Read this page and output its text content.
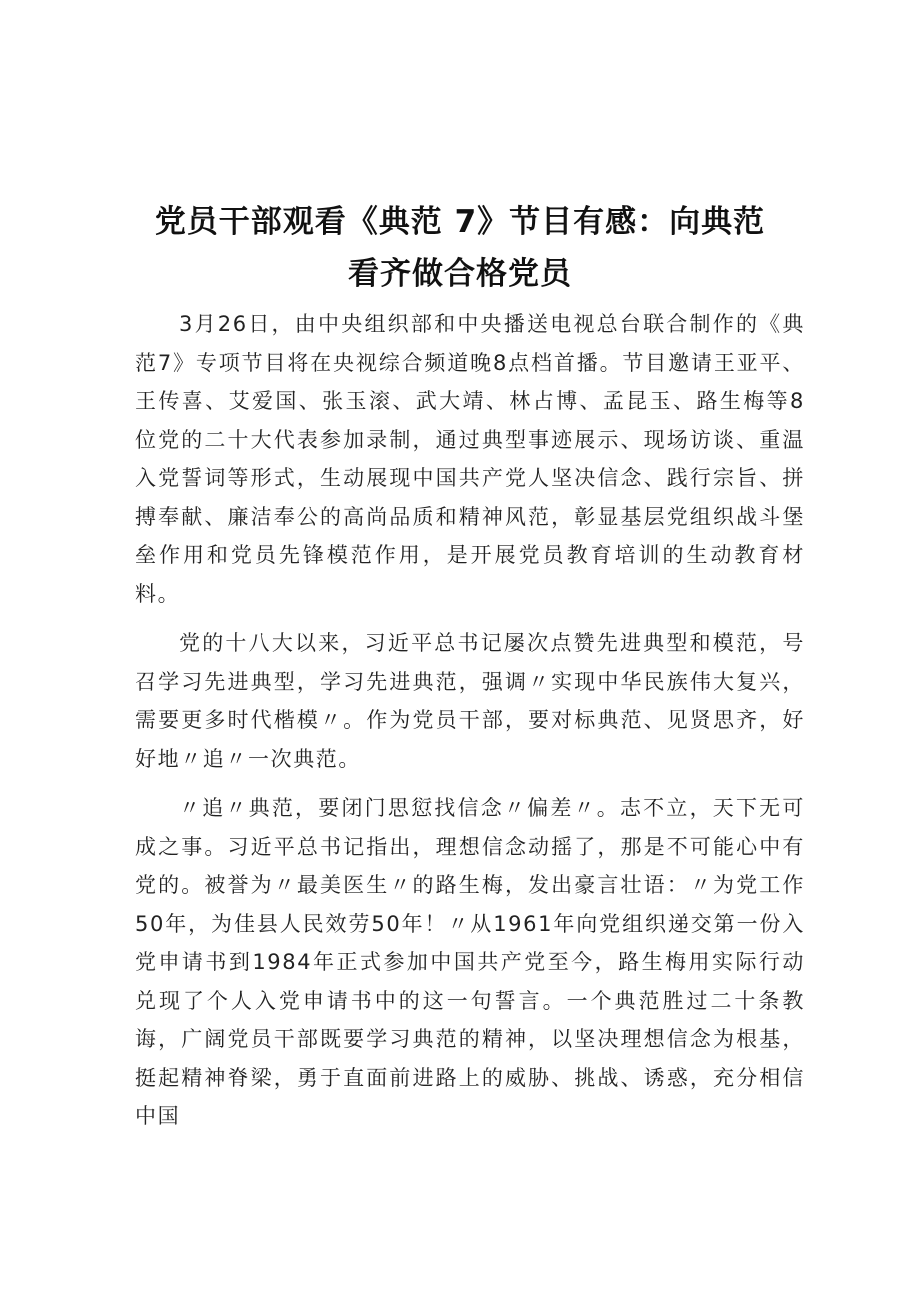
党员干部观看《典范 7》节目有感：向典范
看齐做合格党员

3月26日，由中央组织部和中央播送电视总台联合制作的《典范7》专项节目将在央视综合频道晚8点档首播。节目邀请王亚平、王传喜、艾爱国、张玉滚、武大靖、林占博、孟昆玉、路生梅等8位党的二十大代表参加录制，通过典型事迹展示、现场访谈、重温入党誓词等形式，生动展现中国共产党人坚决信念、践行宗旨、拼搏奉献、廉洁奉公的高尚品质和精神风范，彰显基层党组织战斗堡垒作用和党员先锋模范作用，是开展党员教育培训的生动教育材料。

党的十八大以来，习近平总书记屡次点赞先进典型和模范，号召学习先进典型，学习先进典范，强调〃实现中华民族伟大复兴，需要更多时代楷模〃。作为党员干部，要对标典范、见贤思齐，好好地〃追〃一次典范。

〃追〃典范，要闭门思愆找信念〃偏差〃。志不立，天下无可成之事。习近平总书记指出，理想信念动摇了，那是不可能心中有党的。被誉为〃最美医生〃的路生梅，发出豪言壮语：〃为党工作50年，为佳县人民效劳50年！〃从1961年向党组织递交第一份入党申请书到1984年正式参加中国共产党至今，路生梅用实际行动兑现了个人入党申请书中的这一句誓言。一个典范胜过二十条教诲，广阔党员干部既要学习典范的精神，以坚决理想信念为根基，挺起精神脊梁，勇于直面前进路上的威胁、挑战、诱惑，充分相信中国
